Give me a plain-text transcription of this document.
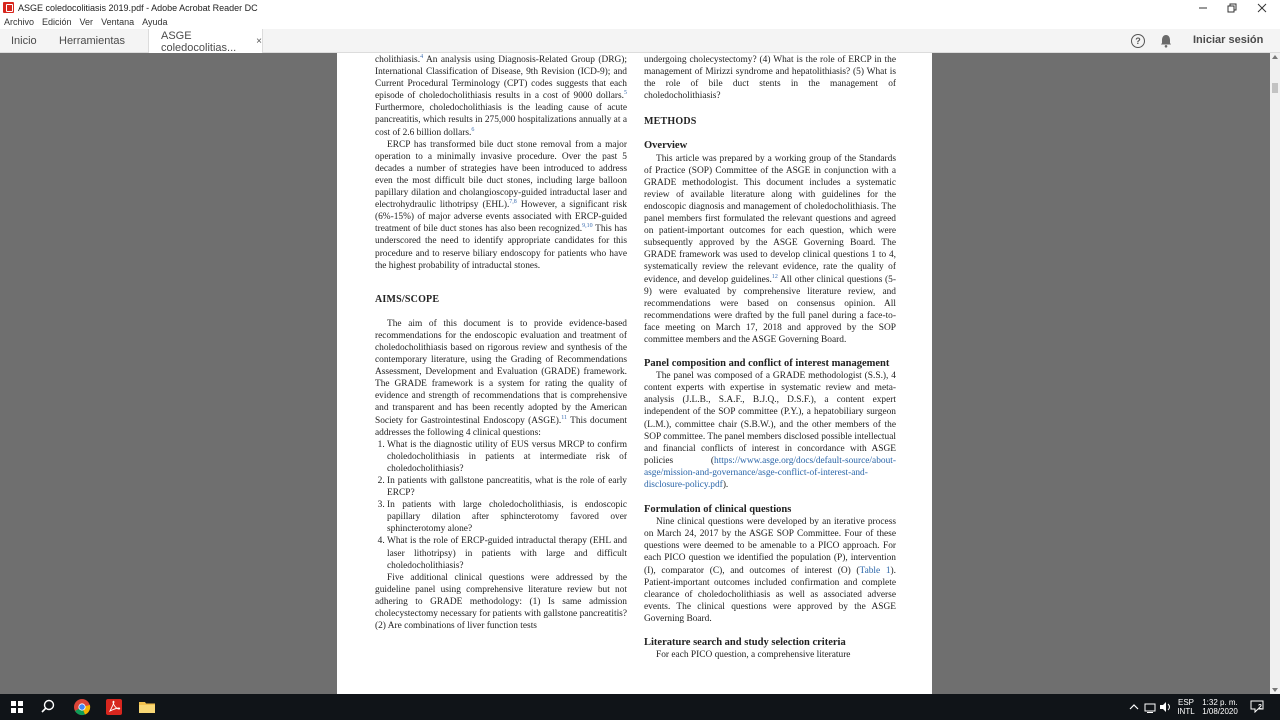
ASGE coledocolitiasis 2019.pdf - Adobe Acrobat Reader DC
Archivo Edición Ver Ventana Ayuda
Inicio Herramientas	ASGE coledocolitias...	×	?	Iniciar sesión

cholithiasis.$^4$ An analysis using Diagnosis-Related Group (DRG); International Classification of Disease, 9th Revision (ICD-9); and Current Procedural Terminology (CPT) codes suggests that each episode of choledocholithiasis results in a cost of 9000 dollars.$^5$ Furthermore, choledocholithiasis is the leading cause of acute pancreatitis, which results in 275,000 hospitalizations annually at a cost of 2.6 billion dollars.$^6$

ERCP has transformed bile duct stone removal from a major operation to a minimally invasive procedure. Over the past 5 decades a number of strategies have been introduced to address even the most difficult bile duct stones, including large balloon papillary dilation and cholangioscopy-guided intraductal laser and electrohydraulic lithotripsy (EHL).$^{7,8}$ However, a significant risk (6%-15%) of major adverse events associated with ERCP-guided treatment of bile duct stones has also been recognized.$^{9,10}$ This has underscored the need to identify appropriate candidates for this procedure and to reserve biliary endoscopy for patients who have the highest probability of intraductal stones.

AIMS/SCOPE

The aim of this document is to provide evidence-based recommendations for the endoscopic evaluation and treatment of choledocholithiasis based on rigorous review and synthesis of the contemporary literature, using the Grading of Recommendations Assessment, Development and Evaluation (GRADE) framework. The GRADE framework is a system for rating the quality of evidence and strength of recommendations that is comprehensive and transparent and has been recently adopted by the American Society for Gastrointestinal Endoscopy (ASGE).$^{11}$ This document addresses the following 4 clinical questions:

1. What is the diagnostic utility of EUS versus MRCP to confirm choledocholithiasis in patients at intermediate risk of choledocholithiasis?
2. In patients with gallstone pancreatitis, what is the role of early ERCP?
3. In patients with large choledocholithiasis, is endoscopic papillary dilation after sphincterotomy favored over sphincterotomy alone?
4. What is the role of ERCP-guided intraductal therapy (EHL and laser lithotripsy) in patients with large and difficult choledocholithiasis?

Five additional clinical questions were addressed by the guideline panel using comprehensive literature review but not adhering to GRADE methodology: (1) Is same admission cholecystectomy necessary for patients with gallstone pancreatitis? (2) Are combinations of liver function tests

undergoing cholecystectomy? (4) What is the role of ERCP in the management of Mirizzi syndrome and hepatolithiasis? (5) What is the role of bile duct stents in the management of choledocholithiasis?

METHODS

Overview

This article was prepared by a working group of the Standards of Practice (SOP) Committee of the ASGE in conjunction with a GRADE methodologist. This document includes a systematic review of available literature along with guidelines for the endoscopic diagnosis and management of choledocholithiasis. The panel members first formulated the relevant questions and agreed on patient-important outcomes for each question, which were subsequently approved by the ASGE Governing Board. The GRADE framework was used to develop clinical questions 1 to 4, systematically review the relevant evidence, rate the quality of evidence, and develop guidelines.$^{12}$ All other clinical questions (5-9) were evaluated by comprehensive literature review, and recommendations were based on consensus opinion. All recommendations were drafted by the full panel during a face-to-face meeting on March 17, 2018 and approved by the SOP committee members and the ASGE Governing Board.

Panel composition and conflict of interest management

The panel was composed of a GRADE methodologist (S.S.), 4 content experts with expertise in systematic review and meta-analysis (J.L.B., S.A.F., B.J.Q., D.S.F.), a content expert independent of the SOP committee (P.Y.), a hepatobiliary surgeon (L.M.), committee chair (S.B.W.), and the other members of the SOP committee. The panel members disclosed possible intellectual and financial conflicts of interest in concordance with ASGE policies (https://www.asge.org/docs/default-source/about-asge/mission-and-governance/asge-conflict-of-interest-and-disclosure-policy.pdf).

Formulation of clinical questions

Nine clinical questions were developed by an iterative process on March 24, 2017 by the ASGE SOP Committee. Four of these questions were deemed to be amenable to a PICO approach. For each PICO question we identified the population (P), intervention (I), comparator (C), and outcomes of interest (O) (Table 1). Patient-important outcomes included confirmation and complete clearance of choledocholithiasis as well as associated adverse events. The clinical questions were approved by the ASGE Governing Board.

Literature search and study selection criteria

For each PICO question, a comprehensive literature

ESP
INTL
1:32 p. m.
1/08/2020	2
